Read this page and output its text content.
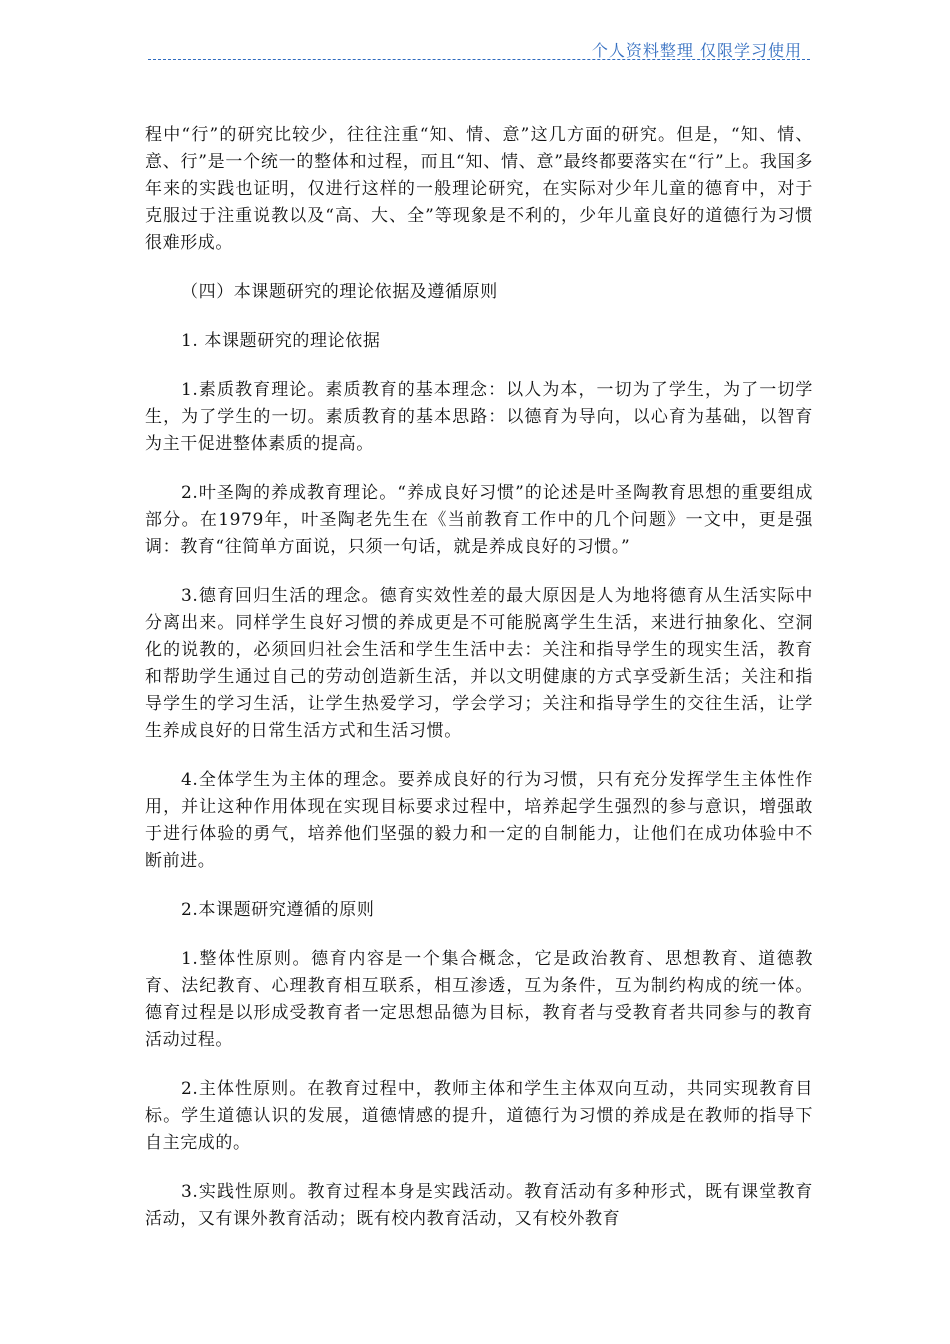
个人资料整理 仅限学习使用

程中“行”的研究比较少，往往注重“知、情、意”这几方面的研究。但是，“知、情、意、行”是一个统一的整体和过程，而且“知、情、意”最终都要落实在“行”上。我国多年来的实践也证明，仅进行这样的一般理论研究，在实际对少年儿童的德育中，对于克服过于注重说教以及“高、大、全”等现象是不利的，少年儿童良好的道德行为习惯很难形成。

（四）本课题研究的理论依据及遵循原则

1. 本课题研究的理论依据

1.素质教育理论。素质教育的基本理念：以人为本，一切为了学生，为了一切学生，为了学生的一切。素质教育的基本思路：以德育为导向，以心育为基础，以智育为主干促进整体素质的提高。

2.叶圣陶的养成教育理论。“养成良好习惯”的论述是叶圣陶教育思想的重要组成部分。在1979年，叶圣陶老先生在《当前教育工作中的几个问题》一文中，更是强调：教育“往简单方面说，只须一句话，就是养成良好的习惯。”

3.德育回归生活的理念。德育实效性差的最大原因是人为地将德育从生活实际中分离出来。同样学生良好习惯的养成更是不可能脱离学生生活，来进行抽象化、空洞化的说教的，必须回归社会生活和学生生活中去：关注和指导学生的现实生活，教育和帮助学生通过自己的劳动创造新生活，并以文明健康的方式享受新生活；关注和指导学生的学习生活，让学生热爱学习，学会学习；关注和指导学生的交往生活，让学生养成良好的日常生活方式和生活习惯。

4.全体学生为主体的理念。要养成良好的行为习惯，只有充分发挥学生主体性作用，并让这种作用体现在实现目标要求过程中，培养起学生强烈的参与意识，增强敢于进行体验的勇气，培养他们坚强的毅力和一定的自制能力，让他们在成功体验中不断前进。

2.本课题研究遵循的原则

1.整体性原则。德育内容是一个集合概念，它是政治教育、思想教育、道德教育、法纪教育、心理教育相互联系，相互渗透，互为条件，互为制约构成的统一体。德育过程是以形成受教育者一定思想品德为目标，教育者与受教育者共同参与的教育活动过程。

2.主体性原则。在教育过程中，教师主体和学生主体双向互动，共同实现教育目标。学生道德认识的发展，道德情感的提升，道德行为习惯的养成是在教师的指导下自主完成的。

3.实践性原则。教育过程本身是实践活动。教育活动有多种形式，既有课堂教育活动，又有课外教育活动；既有校内教育活动，又有校外教育
